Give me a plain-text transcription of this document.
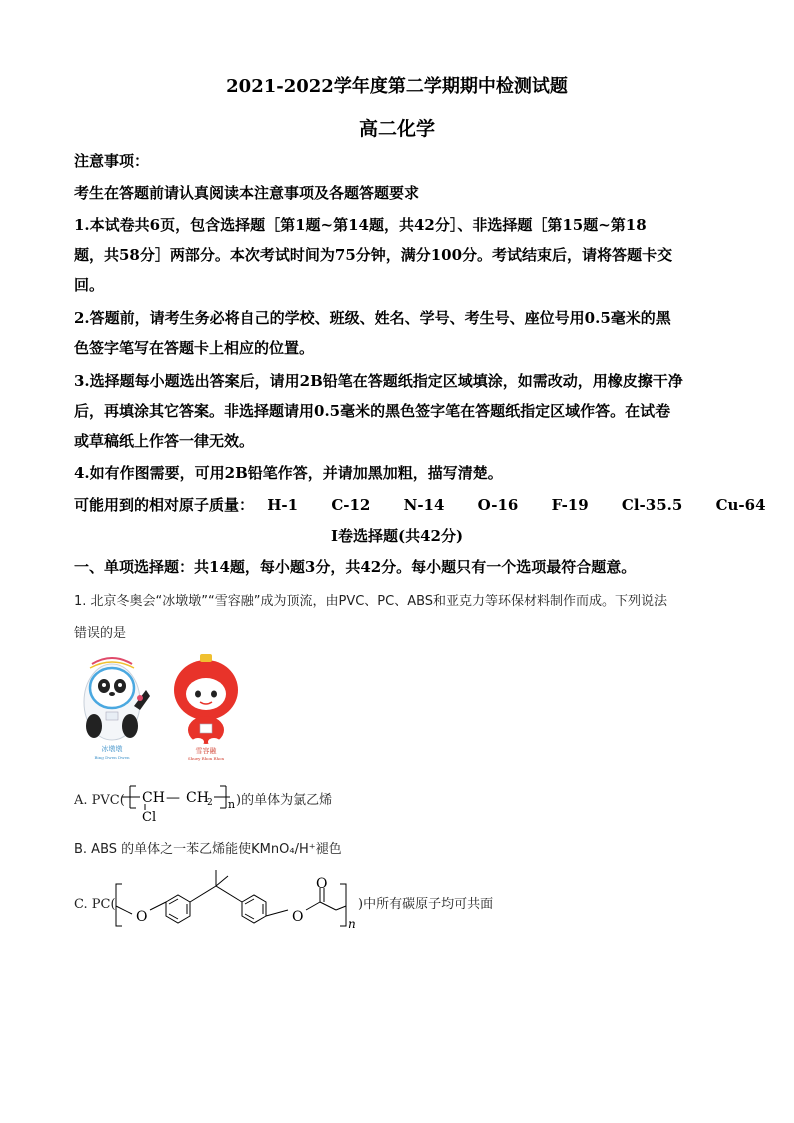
2021-2022学年度第二学期期中检测试题
高二化学
注意事项：
考生在答题前请认真阅读本注意事项及各题答题要求
1.本试卷共6页，包含选择题［第1题~第14题，共42分］、非选择题［第15题~第18
题，共58分］两部分。本次考试时间为75分钟，满分100分。考试结束后，请将答题卡交
回。
2.答题前，请考生务必将自己的学校、班级、姓名、学号、考生号、座位号用0.5毫米的黑
色签字笔写在答题卡上相应的位置。
3.选择题每小题选出答案后，请用2B铅笔在答题纸指定区域填涂，如需改动，用橡皮擦干净
后，再填涂其它答案。非选择题请用0.5毫米的黑色签字笔在答题纸指定区域作答。在试卷
或草稿纸上作答一律无效。
4.如有作图需要，可用2B铅笔作答，并请加黑加粗，描写清楚。
可能用到的相对原子质量： H-1 C-12 N-14 O-16 F-19 Cl-35.5 Cu-64
I卷选择题(共42分)
一、单项选择题：共14题，每小题3分，共42分。每小题只有一个选项最符合题意。
1. 北京冬奥会“冰墩墩”“雪容融”成为顶流，由PVC、PC、ABS和亚克力等环保材料制作而成。下列说法
错误的是
冰墩墩
Bing Dwen Dwen
雪容融
Shuey Rhon Rhon
A. PVC( CH
Cl
— CH
2 n )的单体为氯乙烯
B. ABS 的单体之一苯乙烯能使KMnO₄/H⁺褪色
C. PC(
O	O
O
n
)中所有碳原子均可共面
